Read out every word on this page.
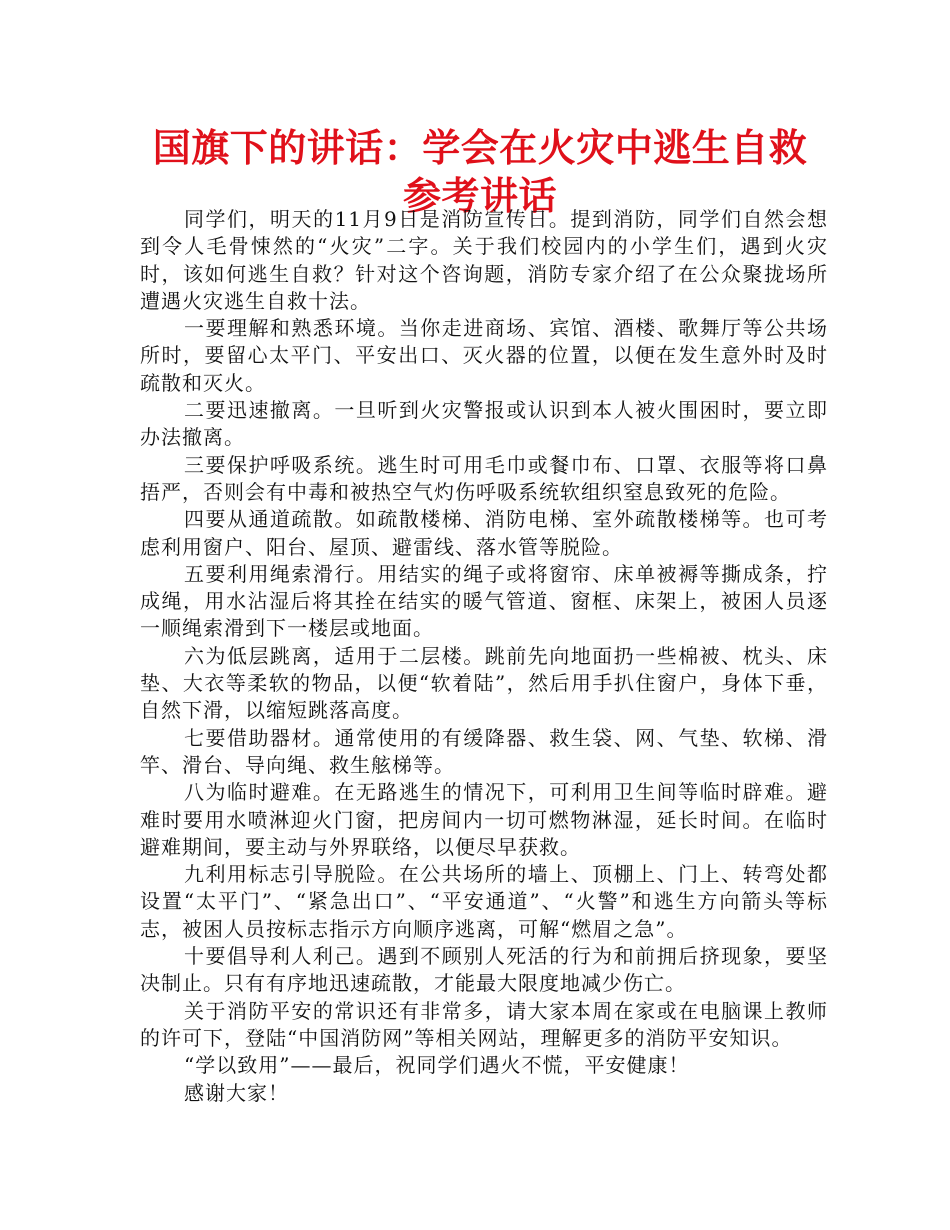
国旗下的讲话：学会在火灾中逃生自救参考讲话

同学们，明天的11月9日是消防宣传日。提到消防，同学们自然会想到令人毛骨悚然的“火灾”二字。关于我们校园内的小学生们，遇到火灾时，该如何逃生自救？针对这个咨询题，消防专家介绍了在公众聚拢场所遭遇火灾逃生自救十法。

一要理解和熟悉环境。当你走进商场、宾馆、酒楼、歌舞厅等公共场所时，要留心太平门、平安出口、灭火器的位置，以便在发生意外时及时疏散和灭火。

二要迅速撤离。一旦听到火灾警报或认识到本人被火围困时，要立即办法撤离。

三要保护呼吸系统。逃生时可用毛巾或餐巾布、口罩、衣服等将口鼻捂严，否则会有中毒和被热空气灼伤呼吸系统软组织窒息致死的危险。

四要从通道疏散。如疏散楼梯、消防电梯、室外疏散楼梯等。也可考虑利用窗户、阳台、屋顶、避雷线、落水管等脱险。

五要利用绳索滑行。用结实的绳子或将窗帘、床单被褥等撕成条，拧成绳，用水沾湿后将其拴在结实的暖气管道、窗框、床架上，被困人员逐一顺绳索滑到下一楼层或地面。

六为低层跳离，适用于二层楼。跳前先向地面扔一些棉被、枕头、床垫、大衣等柔软的物品，以便“软着陆”，然后用手扒住窗户，身体下垂，自然下滑，以缩短跳落高度。

七要借助器材。通常使用的有缓降器、救生袋、网、气垫、软梯、滑竿、滑台、导向绳、救生舷梯等。

八为临时避难。在无路逃生的情况下，可利用卫生间等临时辟难。避难时要用水喷淋迎火门窗，把房间内一切可燃物淋湿，延长时间。在临时避难期间，要主动与外界联络，以便尽早获救。

九利用标志引导脱险。在公共场所的墙上、顶棚上、门上、转弯处都设置“太平门”、“紧急出口”、“平安通道”、“火警”和逃生方向箭头等标志，被困人员按标志指示方向顺序逃离，可解“燃眉之急”。

十要倡导利人利己。遇到不顾别人死活的行为和前拥后挤现象，要坚决制止。只有有序地迅速疏散，才能最大限度地减少伤亡。

关于消防平安的常识还有非常多，请大家本周在家或在电脑课上教师的许可下，登陆“中国消防网”等相关网站，理解更多的消防平安知识。

“学以致用”——最后，祝同学们遇火不慌，平安健康！

感谢大家！
